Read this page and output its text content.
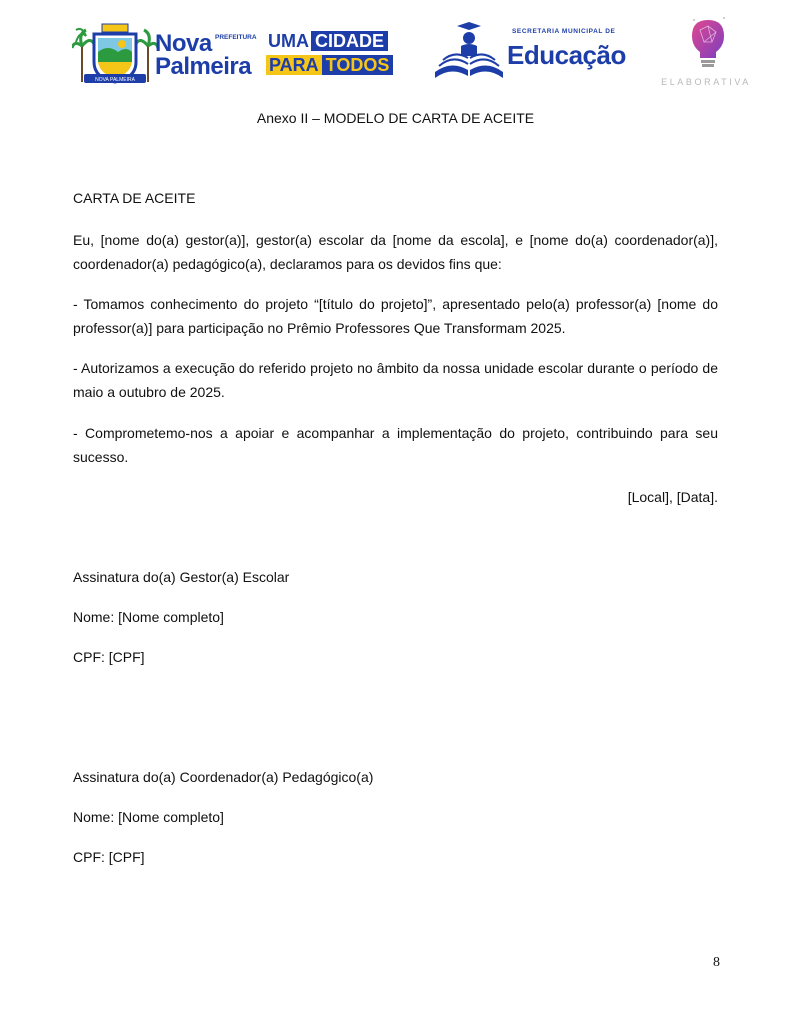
NOVA PALMEIRA
Nova PREFEITURA
Palmeira
UMA CIDADE
PARA TODOS
SECRETARIA MUNICIPAL DE
Educação
ELABORATIVA
Anexo II – MODELO DE CARTA DE ACEITE

CARTA DE ACEITE

Eu, [nome do(a) gestor(a)], gestor(a) escolar da [nome da escola], e [nome do(a) coordenador(a)], coordenador(a) pedagógico(a), declaramos para os devidos fins que:

- Tomamos conhecimento do projeto “[título do projeto]”, apresentado pelo(a) professor(a) [nome do professor(a)] para participação no Prêmio Professores Que Transformam 2025.

- Autorizamos a execução do referido projeto no âmbito da nossa unidade escolar durante o período de maio a outubro de 2025.

- Comprometemo-nos a apoiar e acompanhar a implementação do projeto, contribuindo para seu sucesso.

[Local], [Data].

Assinatura do(a) Gestor(a) Escolar

Nome: [Nome completo]

CPF: [CPF]

Assinatura do(a) Coordenador(a) Pedagógico(a)

Nome: [Nome completo]

CPF: [CPF]

8
